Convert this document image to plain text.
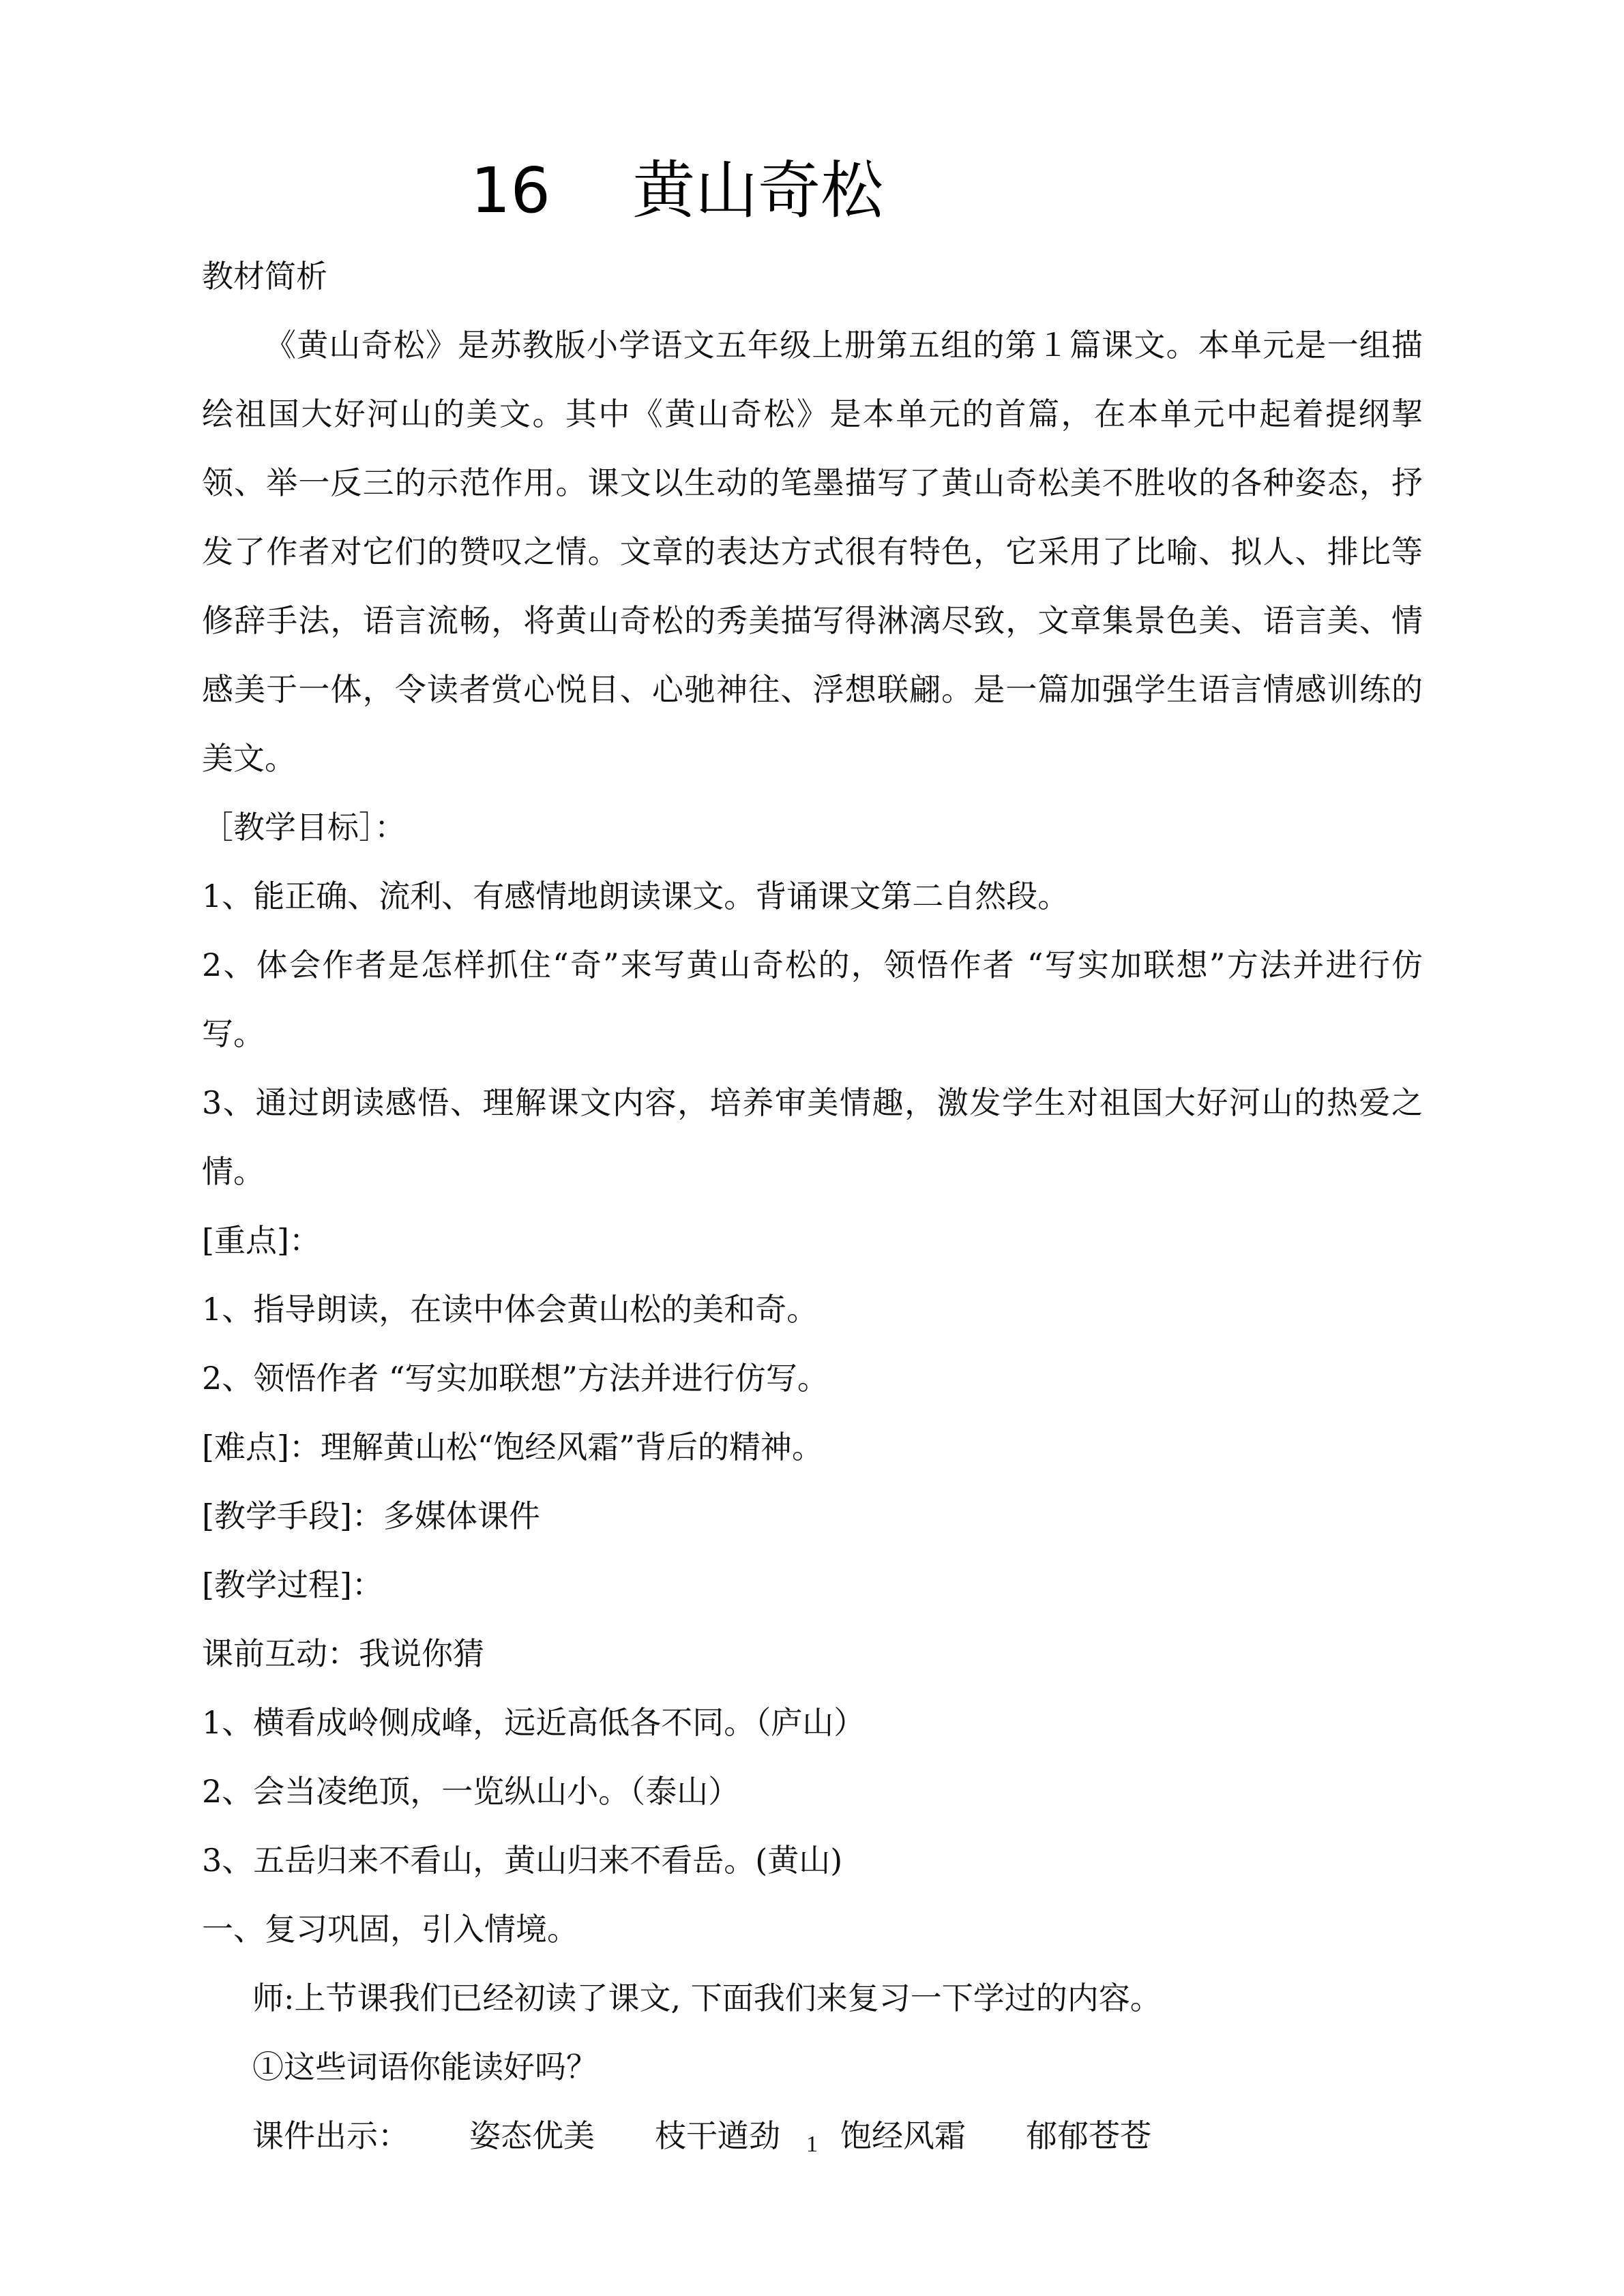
16 黄山奇松

教材简析

《黄山奇松》是苏教版小学语文五年级上册第五组的第１篇课文。本单元是一组描绘祖国大好河山的美文。其中《黄山奇松》是本单元的首篇，在本单元中起着提纲挈领、举一反三的示范作用。课文以生动的笔墨描写了黄山奇松美不胜收的各种姿态，抒发了作者对它们的赞叹之情。文章的表达方式很有特色，它采用了比喻、拟人、排比等修辞手法，语言流畅，将黄山奇松的秀美描写得淋漓尽致，文章集景色美、语言美、情感美于一体，令读者赏心悦目、心驰神往、浮想联翩。是一篇加强学生语言情感训练的美文。

［教学目标］：

1、能正确、流利、有感情地朗读课文。背诵课文第二自然段。

2、体会作者是怎样抓住“奇”来写黄山奇松的，领悟作者 “写实加联想”方法并进行仿写。

3、通过朗读感悟、理解课文内容，培养审美情趣，激发学生对祖国大好河山的热爱之情。

[重点]：

1、指导朗读，在读中体会黄山松的美和奇。

2、领悟作者 “写实加联想”方法并进行仿写。

[难点]：理解黄山松“饱经风霜”背后的精神。

[教学手段]：多媒体课件

[教学过程]：

课前互动：我说你猜

1、横看成岭侧成峰，远近高低各不同。（庐山）

2、会当凌绝顶，一览纵山小。（泰山）

3、五岳归来不看山，黄山归来不看岳。(黄山)

一、复习巩固，引入情境。

师:上节课我们已经初读了课文, 下面我们来复习一下学过的内容。

①这些词语你能读好吗？

课件出示： 姿态优美 枝干遒劲 饱经风霜 郁郁苍苍

1
